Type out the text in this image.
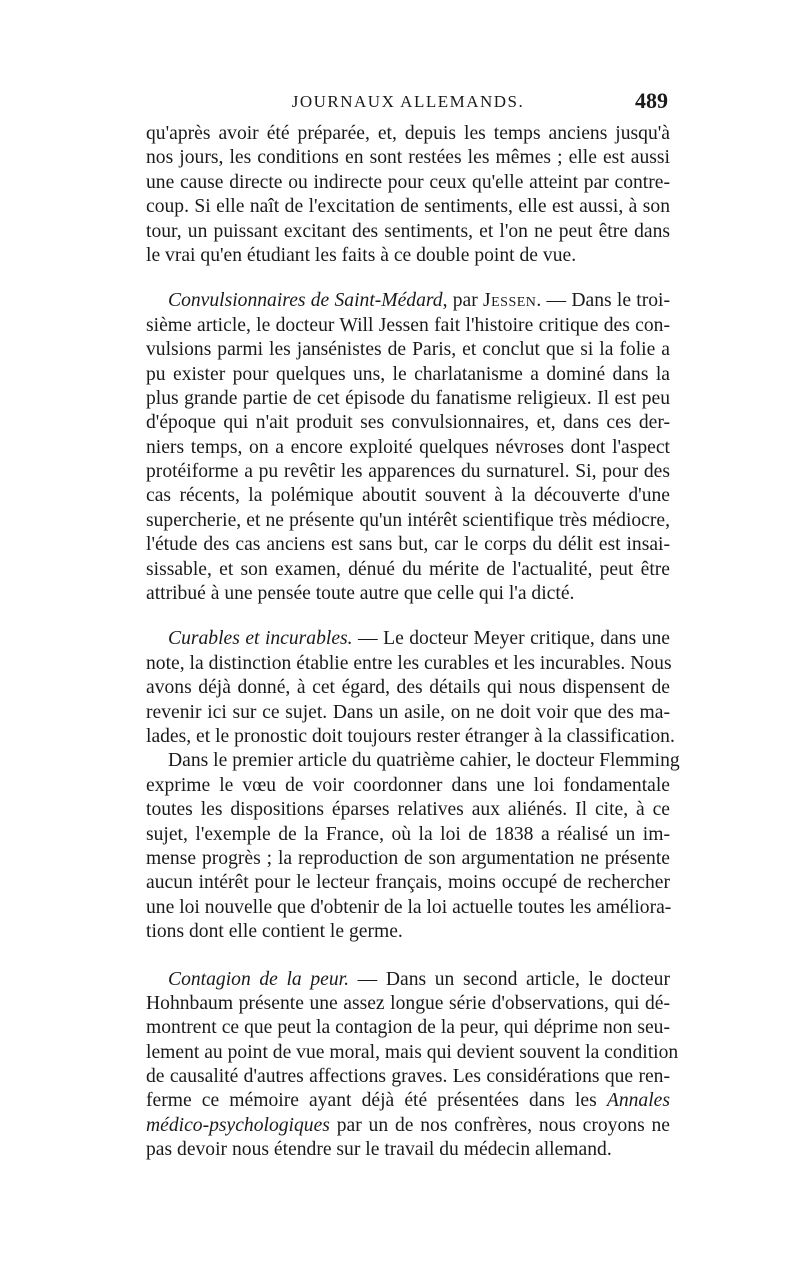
JOURNAUX ALLEMANDS.	489
qu'après avoir été préparée, et, depuis les temps anciens jusqu'à
nos jours, les conditions en sont restées les mêmes ; elle est aussi
une cause directe ou indirecte pour ceux qu'elle atteint par contre-
coup. Si elle naît de l'excitation de sentiments, elle est aussi, à son
tour, un puissant excitant des sentiments, et l'on ne peut être dans
le vrai qu'en étudiant les faits à ce double point de vue.
Convulsionnaires de Saint-Médard, par Jessen. — Dans le troi-
sième article, le docteur Will Jessen fait l'histoire critique des con-
vulsions parmi les jansénistes de Paris, et conclut que si la folie a
pu exister pour quelques uns, le charlatanisme a dominé dans la
plus grande partie de cet épisode du fanatisme religieux. Il est peu
d'époque qui n'ait produit ses convulsionnaires, et, dans ces der-
niers temps, on a encore exploité quelques névroses dont l'aspect
protéiforme a pu revêtir les apparences du surnaturel. Si, pour des
cas récents, la polémique aboutit souvent à la découverte d'une
supercherie, et ne présente qu'un intérêt scientifique très médiocre,
l'étude des cas anciens est sans but, car le corps du délit est insai-
sissable, et son examen, dénué du mérite de l'actualité, peut être
attribué à une pensée toute autre que celle qui l'a dicté.
Curables et incurables. — Le docteur Meyer critique, dans une
note, la distinction établie entre les curables et les incurables. Nous
avons déjà donné, à cet égard, des détails qui nous dispensent de
revenir ici sur ce sujet. Dans un asile, on ne doit voir que des ma-
lades, et le pronostic doit toujours rester étranger à la classification.
Dans le premier article du quatrième cahier, le docteur Flemming
exprime le vœu de voir coordonner dans une loi fondamentale
toutes les dispositions éparses relatives aux aliénés. Il cite, à ce
sujet, l'exemple de la France, où la loi de 1838 a réalisé un im-
mense progrès ; la reproduction de son argumentation ne présente
aucun intérêt pour le lecteur français, moins occupé de rechercher
une loi nouvelle que d'obtenir de la loi actuelle toutes les améliora-
tions dont elle contient le germe.
Contagion de la peur. — Dans un second article, le docteur
Hohnbaum présente une assez longue série d'observations, qui dé-
montrent ce que peut la contagion de la peur, qui déprime non seu-
lement au point de vue moral, mais qui devient souvent la condition
de causalité d'autres affections graves. Les considérations que ren-
ferme ce mémoire ayant déjà été présentées dans les Annales
médico-psychologiques par un de nos confrères, nous croyons ne
pas devoir nous étendre sur le travail du médecin allemand.
